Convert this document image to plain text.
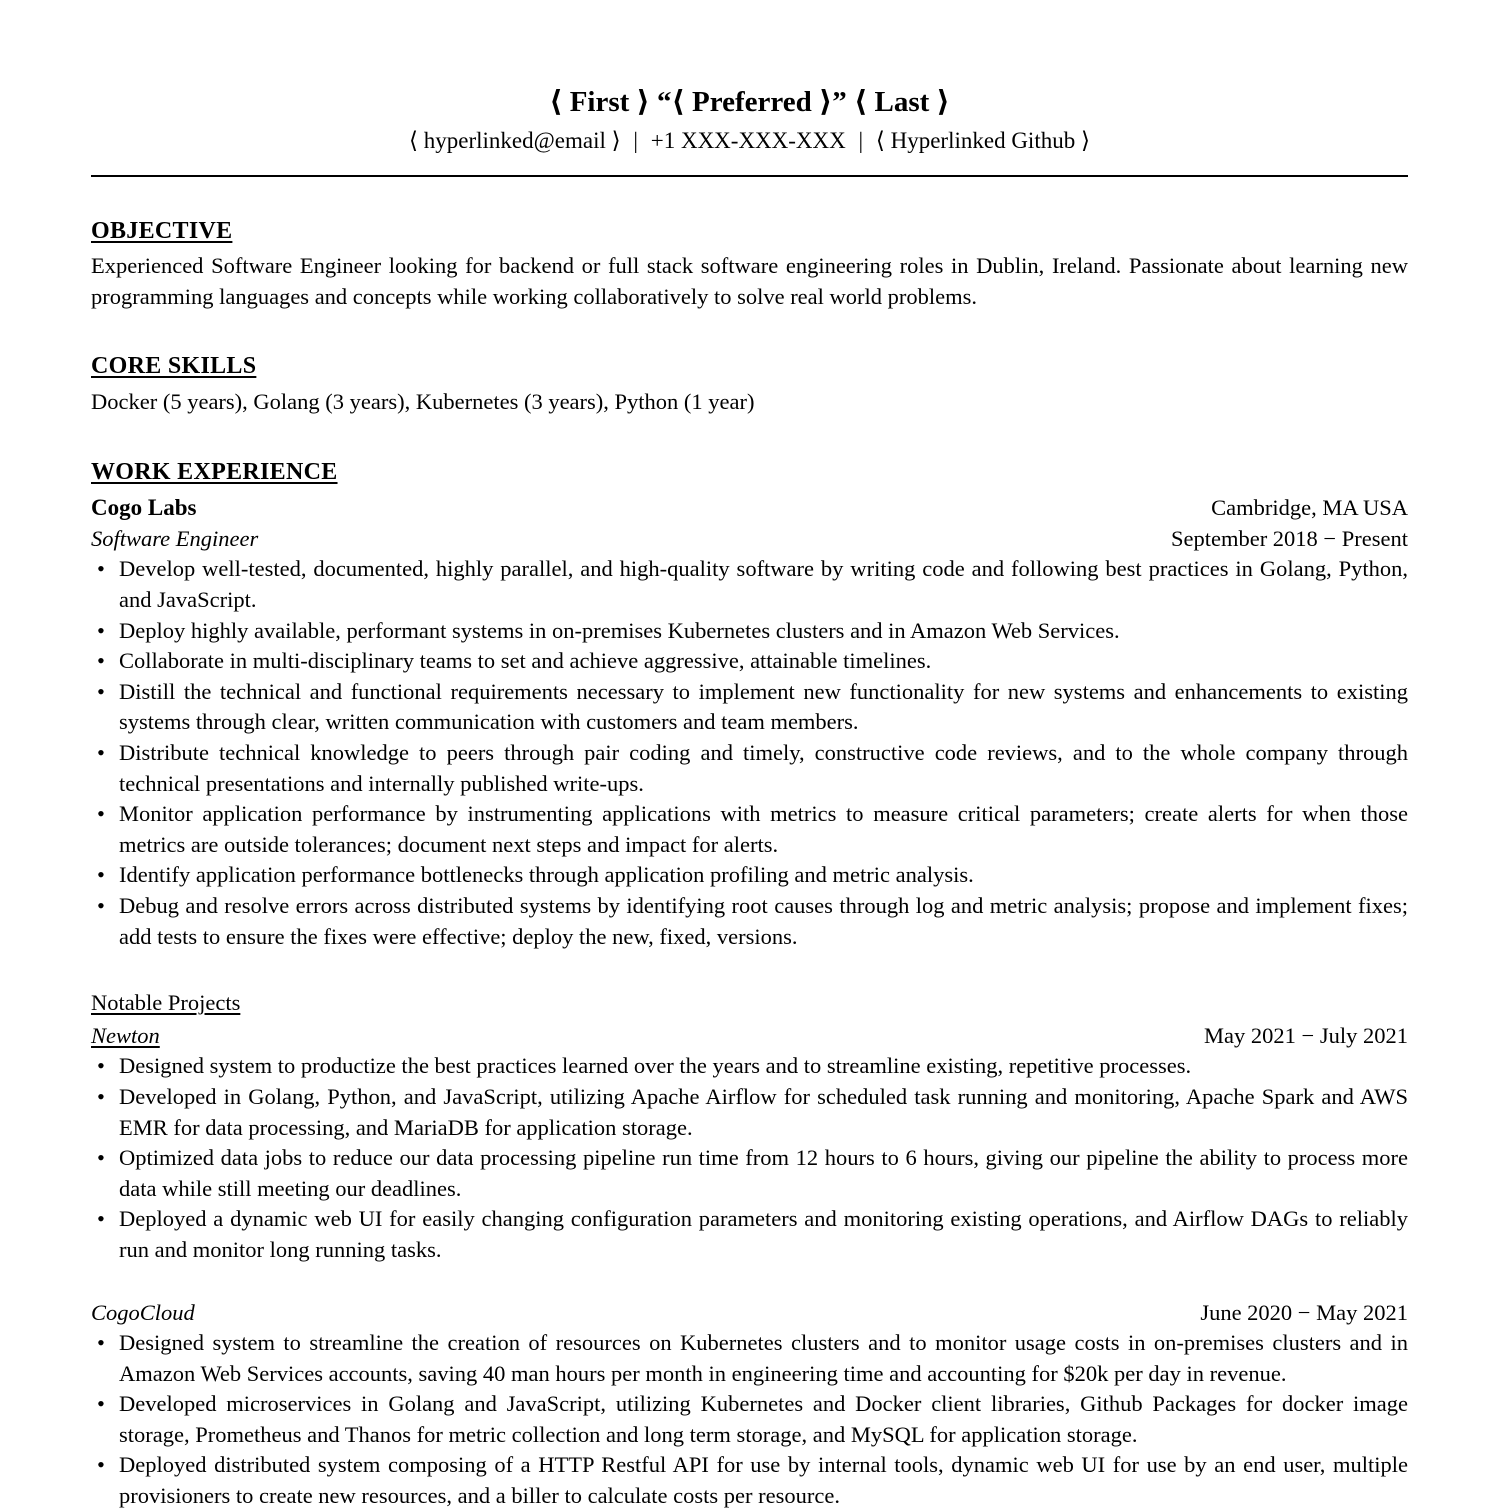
⟨ First ⟩ “⟨ Preferred ⟩” ⟨ Last ⟩
⟨ hyperlinked@email ⟩ | +1 XXX-XXX-XXX | ⟨ Hyperlinked Github ⟩
OBJECTIVE

Experienced Software Engineer looking for backend or full stack software engineering roles in Dublin, Ireland. Passionate about learning new programming languages and concepts while working collaboratively to solve real world problems.

CORE SKILLS

Docker (5 years), Golang (3 years), Kubernetes (3 years), Python (1 year)

WORK EXPERIENCE
Cogo Labs	Cambridge, MA USA
Software Engineer	September 2018 − Present
• Develop well-tested, documented, highly parallel, and high-quality software by writing code and following best practices in Golang, Python, and JavaScript.
• Deploy highly available, performant systems in on-premises Kubernetes clusters and in Amazon Web Services.
• Collaborate in multi-disciplinary teams to set and achieve aggressive, attainable timelines.
• Distill the technical and functional requirements necessary to implement new functionality for new systems and enhancements to existing systems through clear, written communication with customers and team members.
• Distribute technical knowledge to peers through pair coding and timely, constructive code reviews, and to the whole company through technical presentations and internally published write-ups.
• Monitor application performance by instrumenting applications with metrics to measure critical parameters; create alerts for when those metrics are outside tolerances; document next steps and impact for alerts.
• Identify application performance bottlenecks through application profiling and metric analysis.
• Debug and resolve errors across distributed systems by identifying root causes through log and metric analysis; propose and implement fixes; add tests to ensure the fixes were effective; deploy the new, fixed, versions.
Notable Projects
Newton	May 2021 − July 2021
• Designed system to productize the best practices learned over the years and to streamline existing, repetitive processes.
• Developed in Golang, Python, and JavaScript, utilizing Apache Airflow for scheduled task running and monitoring, Apache Spark and AWS EMR for data processing, and MariaDB for application storage.
• Optimized data jobs to reduce our data processing pipeline run time from 12 hours to 6 hours, giving our pipeline the ability to process more data while still meeting our deadlines.
• Deployed a dynamic web UI for easily changing configuration parameters and monitoring existing operations, and Airflow DAGs to reliably run and monitor long running tasks.
CogoCloud	June 2020 − May 2021
• Designed system to streamline the creation of resources on Kubernetes clusters and to monitor usage costs in on-premises clusters and in Amazon Web Services accounts, saving 40 man hours per month in engineering time and accounting for $20k per day in revenue.
• Developed microservices in Golang and JavaScript, utilizing Kubernetes and Docker client libraries, Github Packages for docker image storage, Prometheus and Thanos for metric collection and long term storage, and MySQL for application storage.
• Deployed distributed system composing of a HTTP Restful API for use by internal tools, dynamic web UI for use by an end user, multiple provisioners to create new resources, and a biller to calculate costs per resource.
